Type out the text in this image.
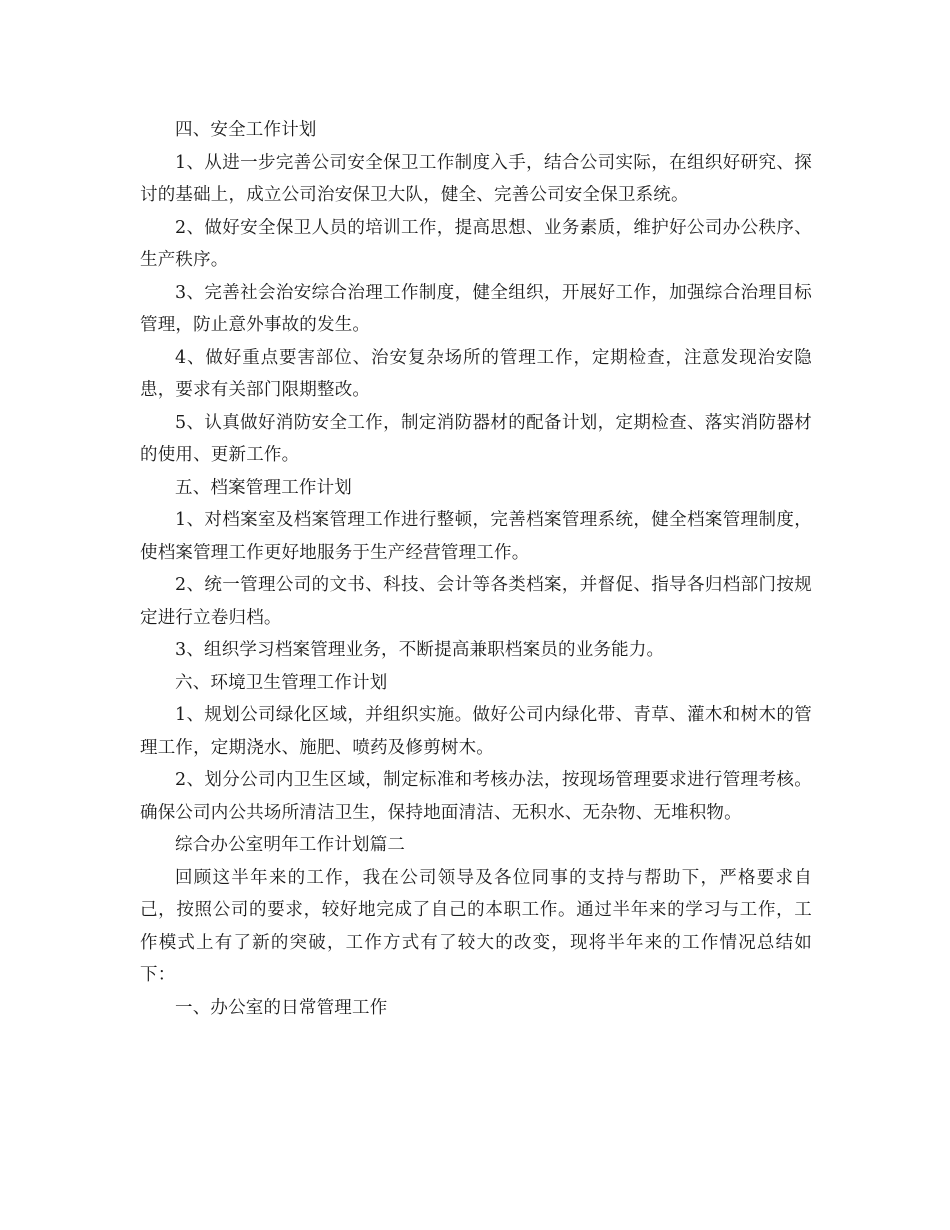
四、安全工作计划

1、从进一步完善公司安全保卫工作制度入手，结合公司实际，在组织好研究、探讨的基础上，成立公司治安保卫大队，健全、完善公司安全保卫系统。

2、做好安全保卫人员的培训工作，提高思想、业务素质，维护好公司办公秩序、生产秩序。

3、完善社会治安综合治理工作制度，健全组织，开展好工作，加强综合治理目标管理，防止意外事故的发生。

4、做好重点要害部位、治安复杂场所的管理工作，定期检查，注意发现治安隐患，要求有关部门限期整改。

5、认真做好消防安全工作，制定消防器材的配备计划，定期检查、落实消防器材的使用、更新工作。

五、档案管理工作计划

1、对档案室及档案管理工作进行整顿，完善档案管理系统，健全档案管理制度，使档案管理工作更好地服务于生产经营管理工作。

2、统一管理公司的文书、科技、会计等各类档案，并督促、指导各归档部门按规定进行立卷归档。

3、组织学习档案管理业务，不断提高兼职档案员的业务能力。

六、环境卫生管理工作计划

1、规划公司绿化区域，并组织实施。做好公司内绿化带、青草、灌木和树木的管理工作，定期浇水、施肥、喷药及修剪树木。

2、划分公司内卫生区域，制定标准和考核办法，按现场管理要求进行管理考核。确保公司内公共场所清洁卫生，保持地面清洁、无积水、无杂物、无堆积物。

综合办公室明年工作计划篇二

回顾这半年来的工作，我在公司领导及各位同事的支持与帮助下，严格要求自己，按照公司的要求，较好地完成了自己的本职工作。通过半年来的学习与工作，工作模式上有了新的突破，工作方式有了较大的改变，现将半年来的工作情况总结如下：

一、办公室的日常管理工作
